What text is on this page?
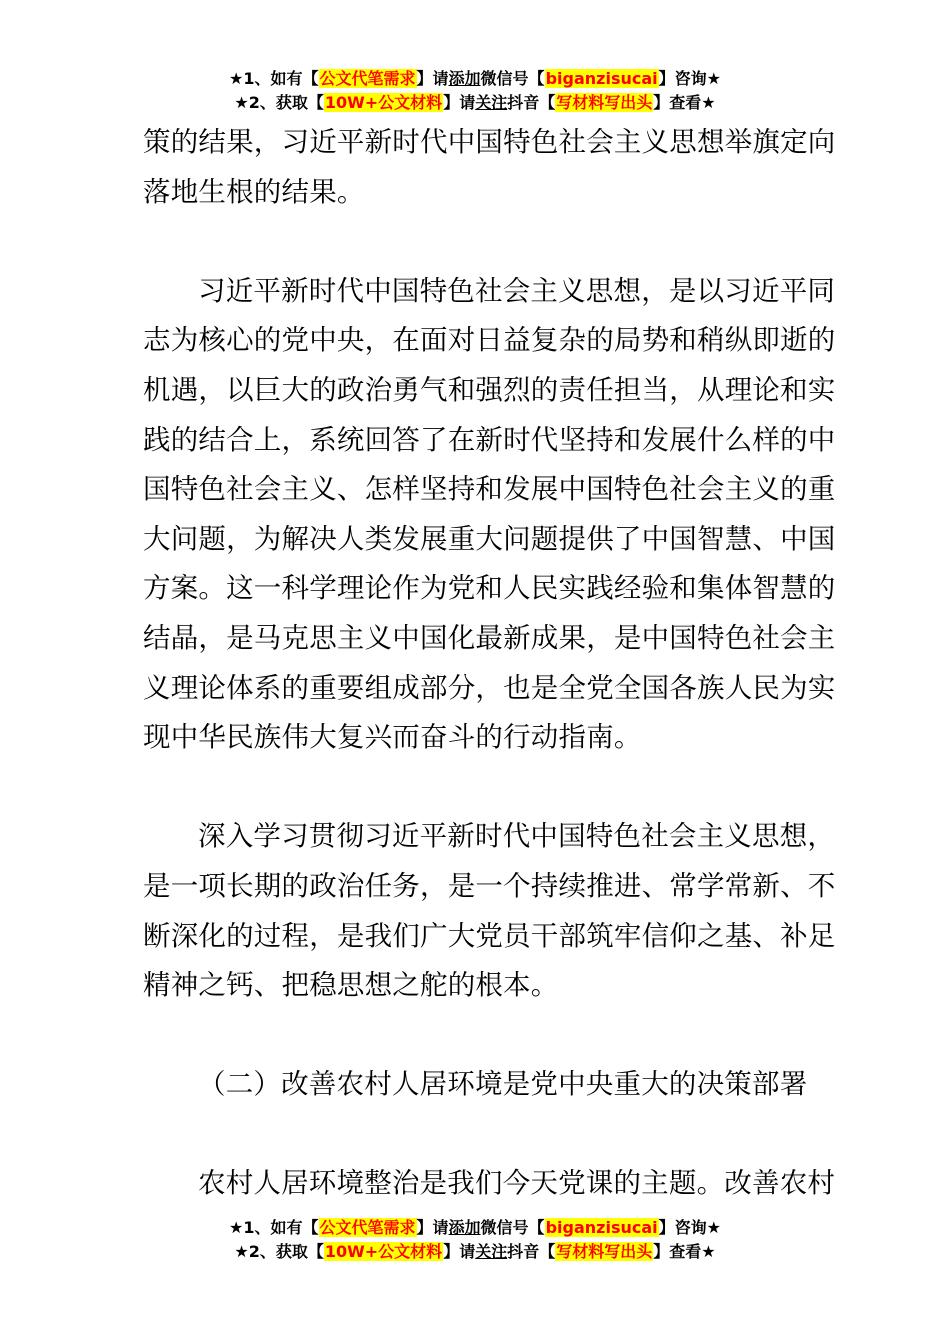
★1、如有【公文代笔需求】请添加微信号【biganzisucai】咨询★
★2、获取【10W+公文材料】请关注抖音【写材料写出头】查看★
策的结果，习近平新时代中国特色社会主义思想举旗定向
落地生根的结果。
习近平新时代中国特色社会主义思想，是以习近平同
志为核心的党中央，在面对日益复杂的局势和稍纵即逝的
机遇，以巨大的政治勇气和强烈的责任担当，从理论和实
践的结合上，系统回答了在新时代坚持和发展什么样的中
国特色社会主义、怎样坚持和发展中国特色社会主义的重
大问题，为解决人类发展重大问题提供了中国智慧、中国
方案。这一科学理论作为党和人民实践经验和集体智慧的
结晶，是马克思主义中国化最新成果，是中国特色社会主
义理论体系的重要组成部分，也是全党全国各族人民为实
现中华民族伟大复兴而奋斗的行动指南。
深入学习贯彻习近平新时代中国特色社会主义思想，
是一项长期的政治任务，是一个持续推进、常学常新、不
断深化的过程，是我们广大党员干部筑牢信仰之基、补足
精神之钙、把稳思想之舵的根本。
（二）改善农村人居环境是党中央重大的决策部署
农村人居环境整治是我们今天党课的主题。改善农村
★1、如有【公文代笔需求】请添加微信号【biganzisucai】咨询★
★2、获取【10W+公文材料】请关注抖音【写材料写出头】查看★
